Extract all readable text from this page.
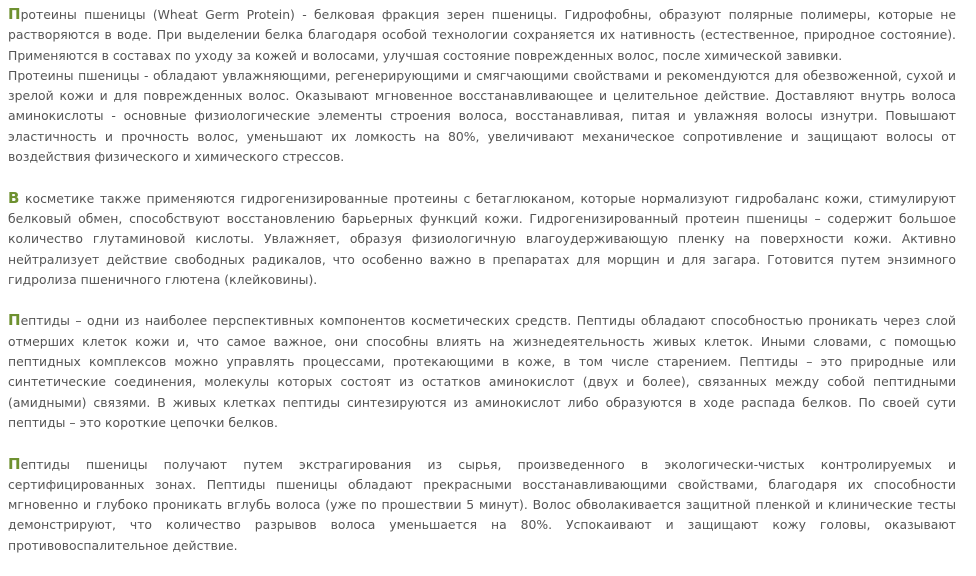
Протеины пшеницы (Wheat Germ Protein) - белковая фракция зерен пшеницы. Гидрофобны, образуют полярные полимеры, которые не растворяются в воде. При выделении белка благодаря особой технологии сохраняется их нативность (естественное, природное состояние). Применяются в составах по уходу за кожей и волосами, улучшая состояние поврежденных волос, после химической завивки.
Протеины пшеницы - обладают увлажняющими, регенерирующими и смягчающими свойствами и рекомендуются для обезвоженной, сухой и зрелой кожи и для поврежденных волос. Оказывают мгновенное восстанавливающее и целительное действие. Доставляют внутрь волоса аминокислоты - основные физиологические элементы строения волоса, восстанавливая, питая и увлажняя волосы изнутри. Повышают эластичность и прочность волос, уменьшают их ломкость на 80%, увеличивают механическое сопротивление и защищают волосы от воздействия физического и химического стрессов.

В косметике также применяются гидрогенизированные протеины с бетаглюканом, которые нормализуют гидробаланс кожи, стимулируют белковый обмен, способствуют восстановлению барьерных функций кожи. Гидрогенизированный протеин пшеницы – содержит большое количество глутаминовой кислоты. Увлажняет, образуя физиологичную влагоудерживающую пленку на поверхности кожи. Активно нейтрализует действие свободных радикалов, что особенно важно в препаратах для морщин и для загара. Готовится путем энзимного гидролиза пшеничного глютена (клейковины).

Пептиды – одни из наиболее перспективных компонентов косметических средств. Пептиды обладают способностью проникать через слой отмерших клеток кожи и, что самое важное, они способны влиять на жизнедеятельность живых клеток. Иными словами, с помощью пептидных комплексов можно управлять процессами, протекающими в коже, в том числе старением. Пептиды – это природные или синтетические соединения, молекулы которых состоят из остатков аминокислот (двух и более), связанных между собой пептидными (амидными) связями. В живых клетках пептиды синтезируются из аминокислот либо образуются в ходе распада белков. По своей сути пептиды – это короткие цепочки белков.

Пептиды пшеницы получают путем экстрагирования из сырья, произведенного в экологически-чистых контролируемых и сертифицированных зонах. Пептиды пшеницы обладают прекрасными восстанавливающими свойствами, благодаря их способности мгновенно и глубоко проникать вглубь волоса (уже по прошествии 5 минут). Волос обволакивается защитной пленкой и клинические тесты демонстрируют, что количество разрывов волоса уменьшается на 80%. Успокаивают и защищают кожу головы, оказывают противовоспалительное действие.
